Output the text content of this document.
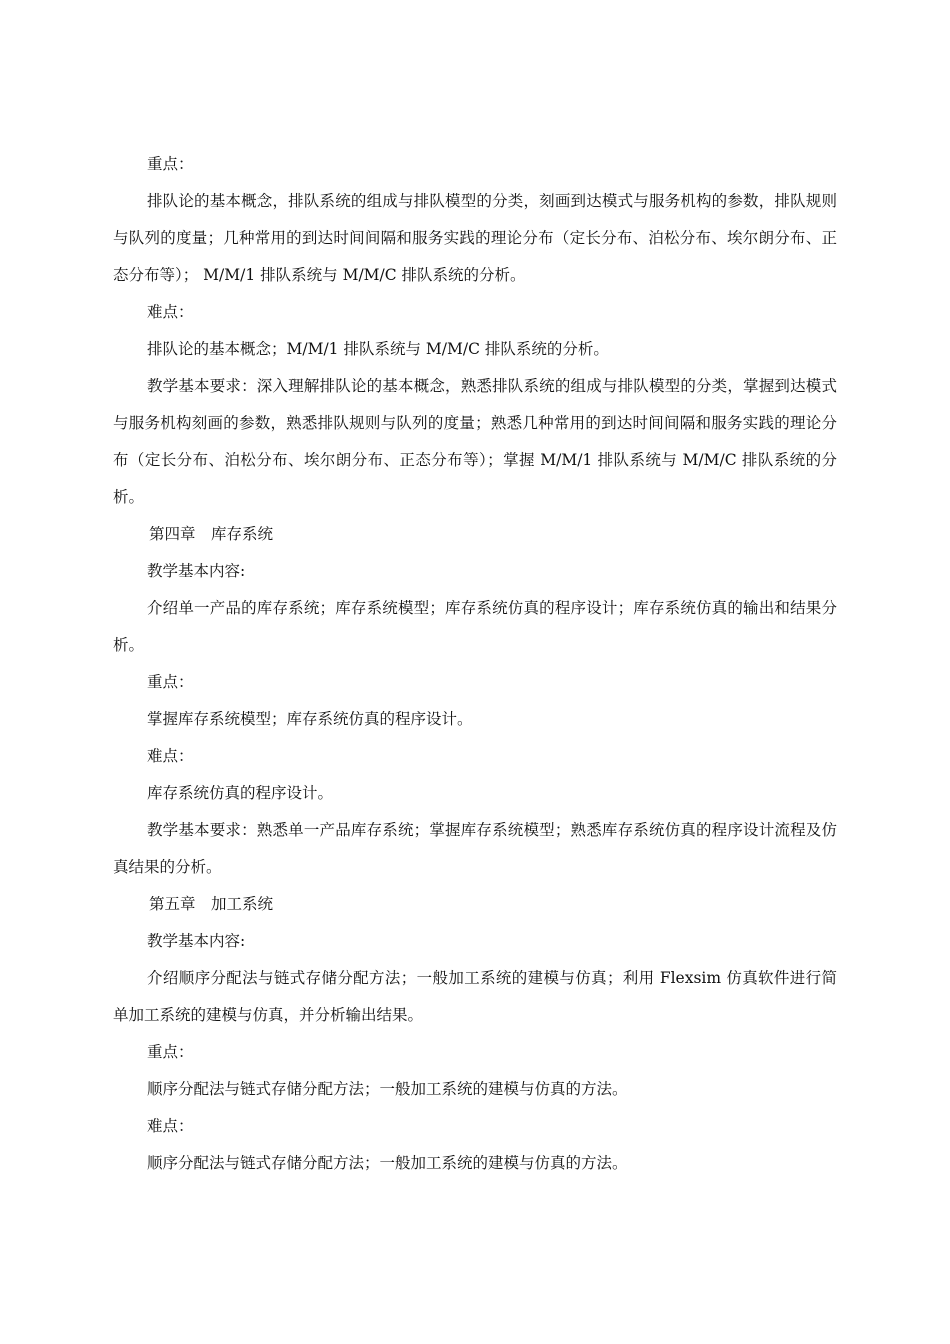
重点：

排队论的基本概念，排队系统的组成与排队模型的分类，刻画到达模式与服务机构的参数，排队规则与队列的度量；几种常用的到达时间间隔和服务实践的理论分布（定长分布、泊松分布、埃尔朗分布、正态分布等）； M/M/1 排队系统与 M/M/C 排队系统的分析。

难点：

排队论的基本概念；M/M/1 排队系统与 M/M/C 排队系统的分析。

教学基本要求：深入理解排队论的基本概念，熟悉排队系统的组成与排队模型的分类，掌握到达模式与服务机构刻画的参数，熟悉排队规则与队列的度量；熟悉几种常用的到达时间间隔和服务实践的理论分布（定长分布、泊松分布、埃尔朗分布、正态分布等）；掌握 M/M/1 排队系统与 M/M/C 排队系统的分析。

第四章　库存系统

教学基本内容:

介绍单一产品的库存系统；库存系统模型；库存系统仿真的程序设计；库存系统仿真的输出和结果分析。

重点：

掌握库存系统模型；库存系统仿真的程序设计。

难点：

库存系统仿真的程序设计。

教学基本要求：熟悉单一产品库存系统；掌握库存系统模型；熟悉库存系统仿真的程序设计流程及仿真结果的分析。

第五章　加工系统

教学基本内容:

介绍顺序分配法与链式存储分配方法；一般加工系统的建模与仿真；利用 Flexsim 仿真软件进行简单加工系统的建模与仿真，并分析输出结果。

重点：

顺序分配法与链式存储分配方法；一般加工系统的建模与仿真的方法。

难点：

顺序分配法与链式存储分配方法；一般加工系统的建模与仿真的方法。
